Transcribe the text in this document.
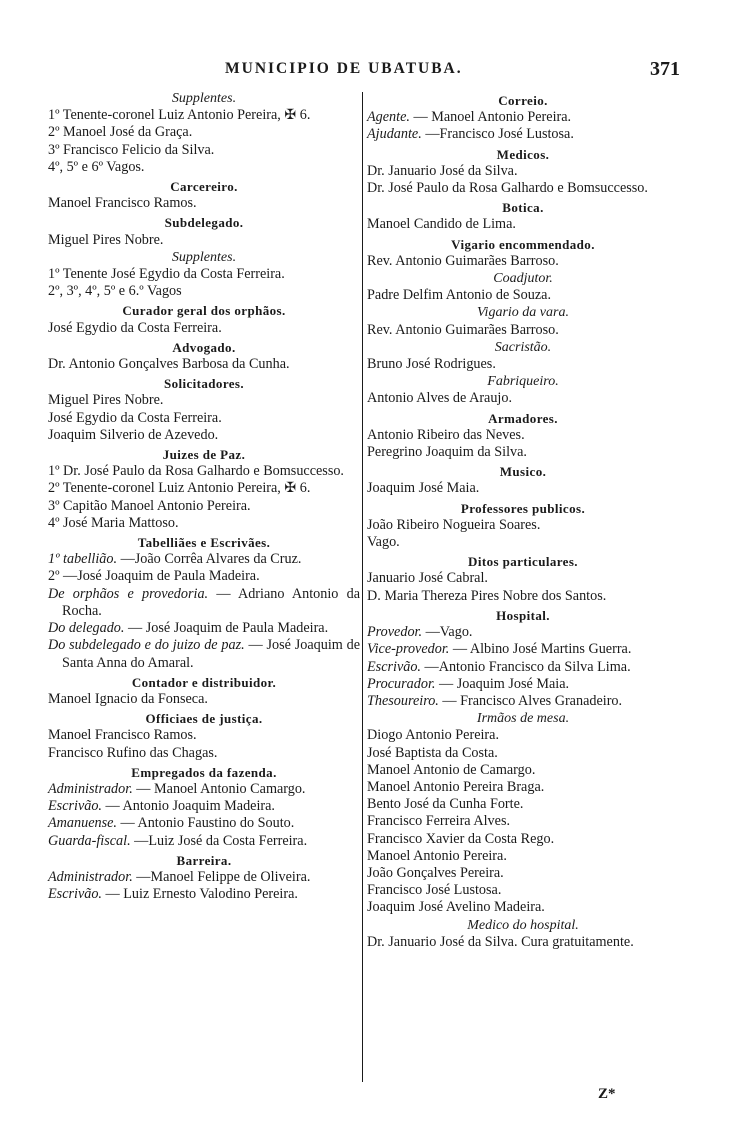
MUNICIPIO DE UBATUBA.	371
Supplentes.
1º Tenente-coronel Luiz Antonio Pereira, ✠ 6.
2º Manoel José da Graça.
3º Francisco Felicio da Silva.
4º, 5º e 6º Vagos.
Carcereiro.
Manoel Francisco Ramos.
Subdelegado.
Miguel Pires Nobre.
Supplentes.
1º Tenente José Egydio da Costa Ferreira.
2º, 3º, 4º, 5º e 6.º Vagos
Curador geral dos orphãos.
José Egydio da Costa Ferreira.
Advogado.
Dr. Antonio Gonçalves Barbosa da Cunha.
Solicitadores.
Miguel Pires Nobre.
José Egydio da Costa Ferreira.
Joaquim Silverio de Azevedo.
Juizes de Paz.
1º Dr. José Paulo da Rosa Galhardo e Bomsuccesso.
2º Tenente-coronel Luiz Antonio Pereira, ✠ 6.
3º Capitão Manoel Antonio Pereira.
4º José Maria Mattoso.
Tabelliães e Escrivães.
1º tabellião. —João Corrêa Alvares da Cruz.
2º —José Joaquim de Paula Madeira.
De orphãos e provedoria. — Adriano Antonio da Rocha.
Do delegado. — José Joaquim de Paula Madeira.
Do subdelegado e do juizo de paz. — José Joaquim de Santa Anna do Amaral.
Contador e distribuidor.
Manoel Ignacio da Fonseca.
Officiaes de justiça.
Manoel Francisco Ramos.
Francisco Rufino das Chagas.
Empregados da fazenda.
Administrador. — Manoel Antonio Camargo.
Escrivão. — Antonio Joaquim Madeira.
Amanuense. — Antonio Faustino do Souto.
Guarda-fiscal. —Luiz José da Costa Ferreira.
Barreira.
Administrador. —Manoel Felippe de Oliveira.
Escrivão. — Luiz Ernesto Valodino Pereira.
Correio.
Agente. — Manoel Antonio Pereira.
Ajudante. —Francisco José Lustosa.
Medicos.
Dr. Januario José da Silva.
Dr. José Paulo da Rosa Galhardo e Bomsuccesso.
Botica.
Manoel Candido de Lima.
Vigario encommendado.
Rev. Antonio Guimarães Barroso.
Coadjutor.
Padre Delfim Antonio de Souza.
Vigario da vara.
Rev. Antonio Guimarães Barroso.
Sacristão.
Bruno José Rodrigues.
Fabriqueiro.
Antonio Alves de Araujo.
Armadores.
Antonio Ribeiro das Neves.
Peregrino Joaquim da Silva.
Musico.
Joaquim José Maia.
Professores publicos.
João Ribeiro Nogueira Soares.
Vago.
Ditos particulares.
Januario José Cabral.
D. Maria Thereza Pires Nobre dos Santos.
Hospital.
Provedor. —Vago.
Vice-provedor. — Albino José Martins Guerra.
Escrivão. —Antonio Francisco da Silva Lima.
Procurador. — Joaquim José Maia.
Thesoureiro. — Francisco Alves Granadeiro.
Irmãos de mesa.
Diogo Antonio Pereira.
José Baptista da Costa.
Manoel Antonio de Camargo.
Manoel Antonio Pereira Braga.
Bento José da Cunha Forte.
Francisco Ferreira Alves.
Francisco Xavier da Costa Rego.
Manoel Antonio Pereira.
João Gonçalves Pereira.
Francisco José Lustosa.
Joaquim José Avelino Madeira.
Medico do hospital.
Dr. Januario José da Silva. Cura gratuitamente.
Z*
